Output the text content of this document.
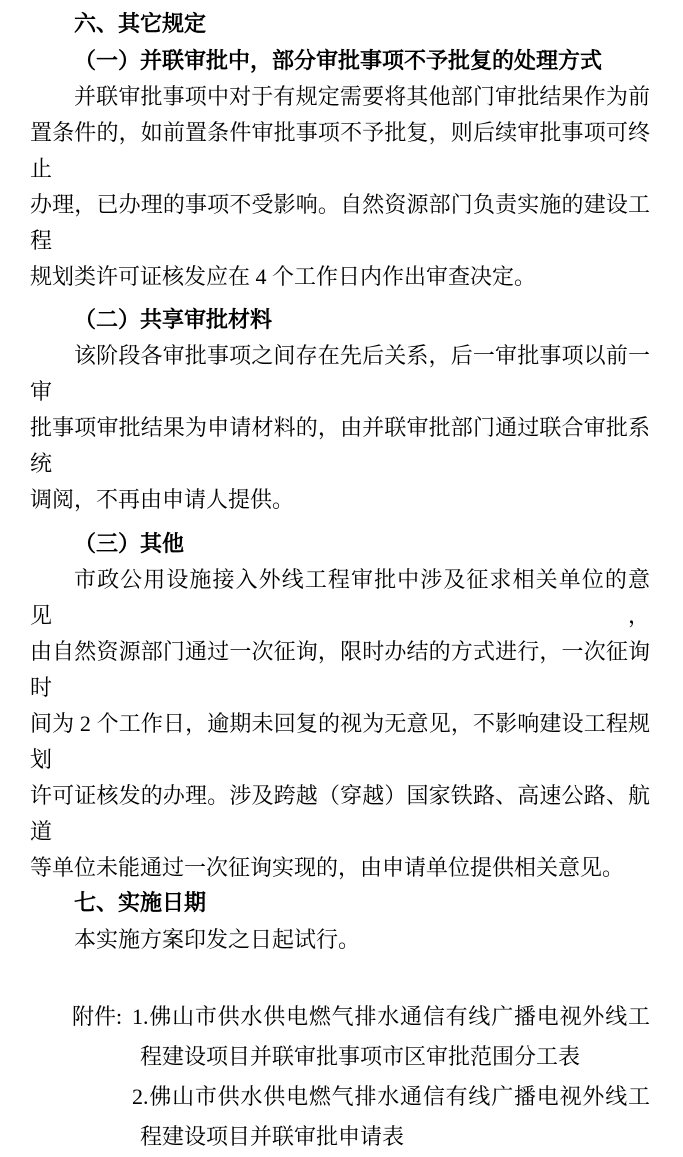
六、其它规定

（一）并联审批中，部分审批事项不予批复的处理方式

并联审批事项中对于有规定需要将其他部门审批结果作为前

置条件的，如前置条件审批事项不予批复，则后续审批事项可终止

办理，已办理的事项不受影响。自然资源部门负责实施的建设工程

规划类许可证核发应在 4 个工作日内作出审查决定。

（二）共享审批材料

该阶段各审批事项之间存在先后关系，后一审批事项以前一审

批事项审批结果为申请材料的，由并联审批部门通过联合审批系统

调阅，不再由申请人提供。

（三）其他

市政公用设施接入外线工程审批中涉及征求相关单位的意见，

由自然资源部门通过一次征询，限时办结的方式进行，一次征询时

间为 2 个工作日，逾期未回复的视为无意见，不影响建设工程规划

许可证核发的办理。涉及跨越（穿越）国家铁路、高速公路、航道

等单位未能通过一次征询实现的，由申请单位提供相关意见。

七、实施日期

本实施方案印发之日起试行。

附件: 1.佛山市供水供电燃气排水通信有线广播电视外线工

程建设项目并联审批事项市区审批范围分工表

2.佛山市供水供电燃气排水通信有线广播电视外线工

程建设项目并联审批申请表
